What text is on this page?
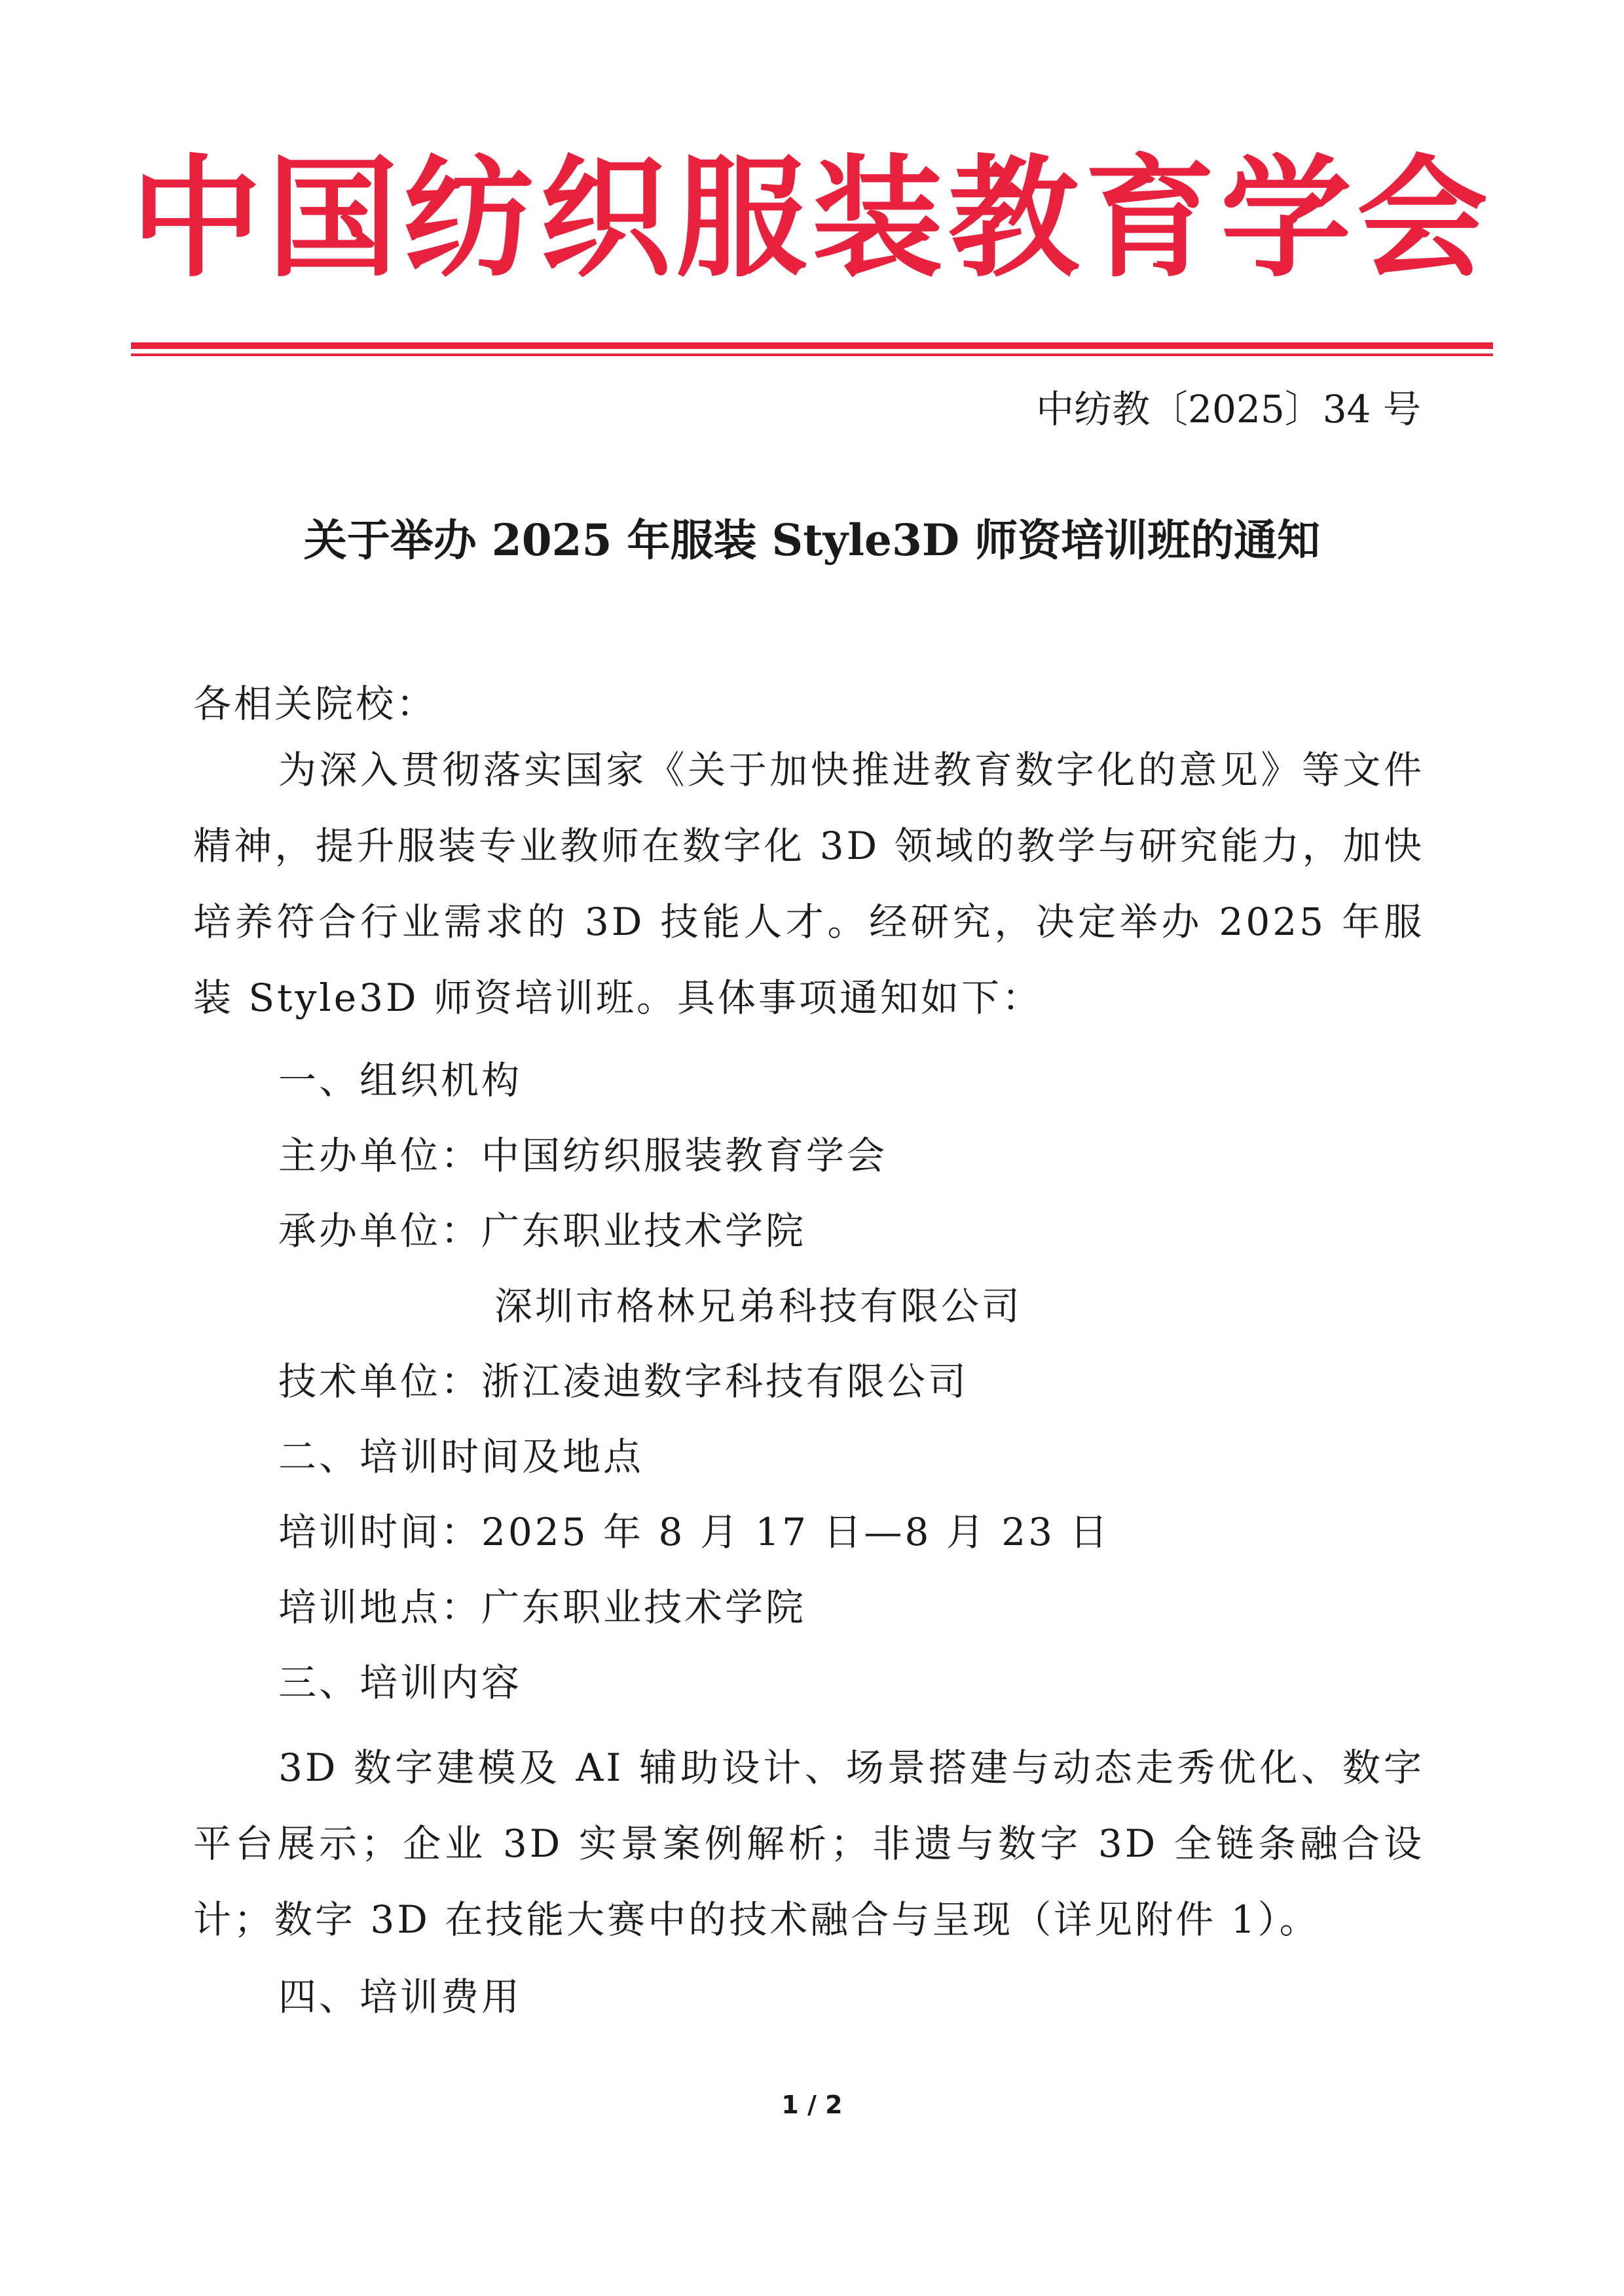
中国纺织服装教育学会
中纺教〔2025〕34 号
关于举办 2025 年服装 Style3D 师资培训班的通知
各相关院校：
为深入贯彻落实国家《关于加快推进教育数字化的意见》等文件精神，提升服装专业教师在数字化 3D 领域的教学与研究能力，加快培养符合行业需求的 3D 技能人才。经研究，决定举办 2025 年服装 Style3D 师资培训班。具体事项通知如下：
一、组织机构
主办单位：中国纺织服装教育学会
承办单位：广东职业技术学院
深圳市格林兄弟科技有限公司
技术单位：浙江凌迪数字科技有限公司
二、培训时间及地点
培训时间：2025 年 8 月 17 日—8 月 23 日
培训地点：广东职业技术学院
三、培训内容
3D 数字建模及 AI 辅助设计、场景搭建与动态走秀优化、数字平台展示；企业 3D 实景案例解析；非遗与数字 3D 全链条融合设计；数字 3D 在技能大赛中的技术融合与呈现（详见附件 1）。
四、培训费用
1 / 2
